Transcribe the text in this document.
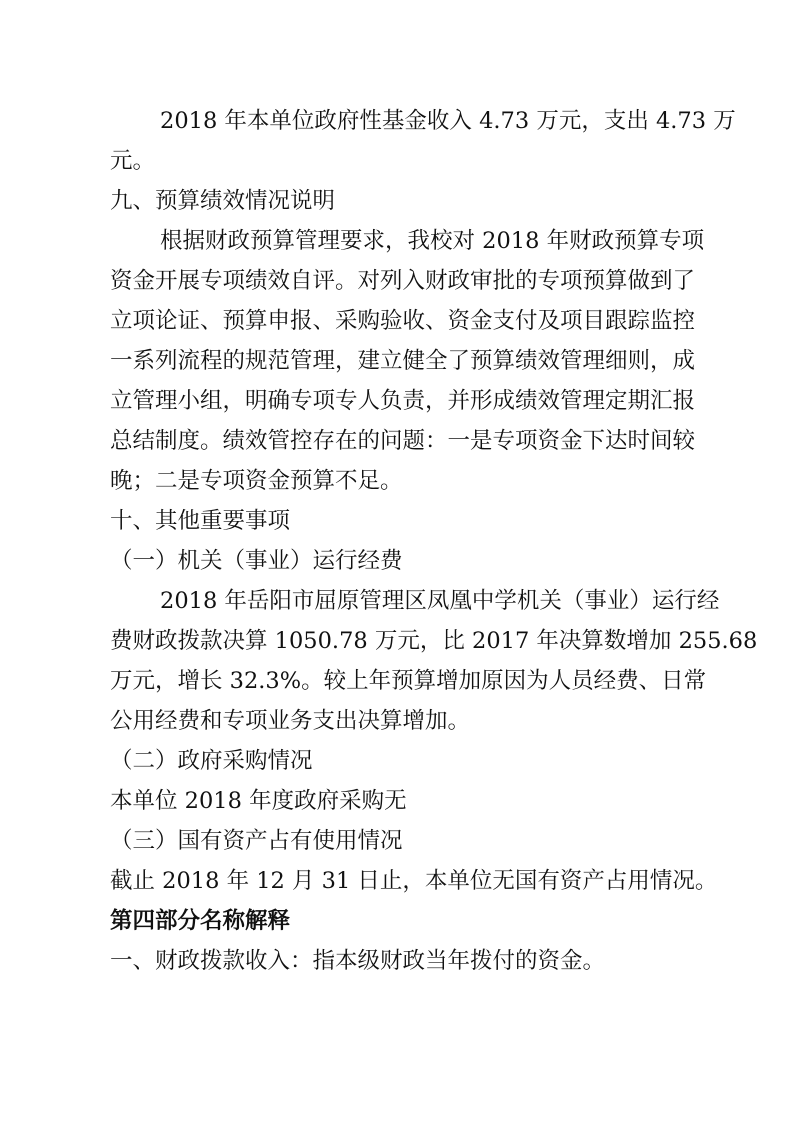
2018 年本单位政府性基金收入 4.73 万元，支出 4.73 万
元。
九、预算绩效情况说明
根据财政预算管理要求，我校对 2018 年财政预算专项
资金开展专项绩效自评。对列入财政审批的专项预算做到了
立项论证、预算申报、采购验收、资金支付及项目跟踪监控
一系列流程的规范管理，建立健全了预算绩效管理细则，成
立管理小组，明确专项专人负责，并形成绩效管理定期汇报
总结制度。绩效管控存在的问题：一是专项资金下达时间较
晚；二是专项资金预算不足。
十、其他重要事项
（一）机关（事业）运行经费
2018 年岳阳市屈原管理区凤凰中学机关（事业）运行经
费财政拨款决算 1050.78 万元，比 2017 年决算数增加 255.68
万元，增长 32.3%。较上年预算增加原因为人员经费、日常
公用经费和专项业务支出决算增加。
（二）政府采购情况
本单位 2018 年度政府采购无
（三）国有资产占有使用情况
截止 2018 年 12 月 31 日止，本单位无国有资产占用情况。
第四部分名称解释
一、财政拨款收入：指本级财政当年拨付的资金。
